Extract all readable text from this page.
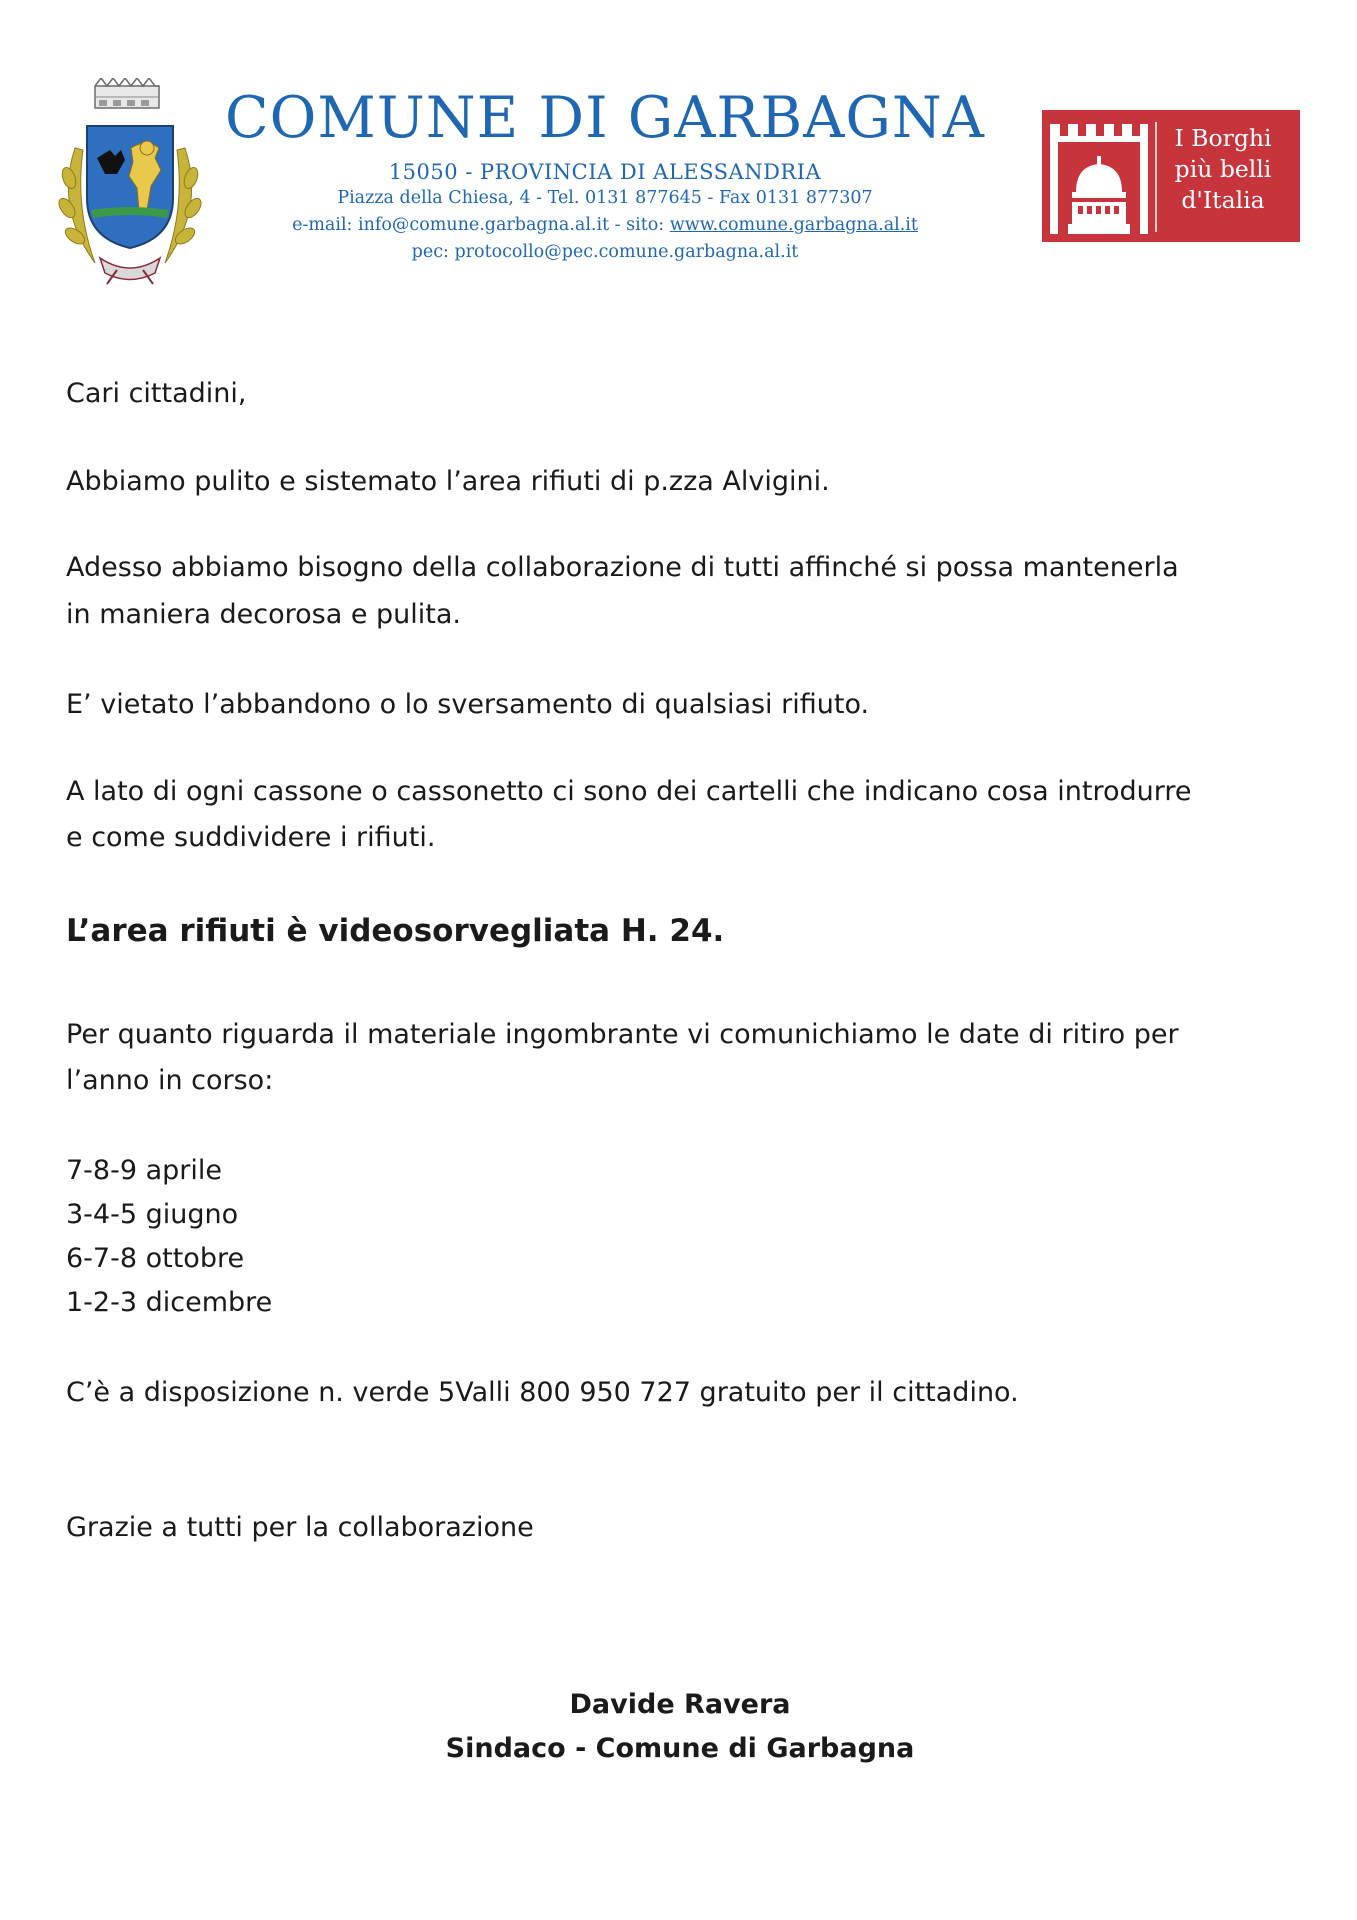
COMUNE DI GARBAGNA
15050 - PROVINCIA DI ALESSANDRIA
Piazza della Chiesa, 4 - Tel. 0131 877645 - Fax 0131 877307
e-mail: info@comune.garbagna.al.it - sito: www.comune.garbagna.al.it
pec: protocollo@pec.comune.garbagna.al.it
I Borghi
più belli
d'Italia
Cari cittadini,
Abbiamo pulito e sistemato l’area rifiuti di p.zza Alvigini.
Adesso abbiamo bisogno della collaborazione di tutti affinché si possa mantenerla
in maniera decorosa e pulita.
E’ vietato l’abbandono o lo sversamento di qualsiasi rifiuto.
A lato di ogni cassone o cassonetto ci sono dei cartelli che indicano cosa introdurre
e come suddividere i rifiuti.
L’area rifiuti è videosorvegliata H. 24.
Per quanto riguarda il materiale ingombrante vi comunichiamo le date di ritiro per
l’anno in corso:
7-8-9 aprile
3-4-5 giugno
6-7-8 ottobre
1-2-3 dicembre
C’è a disposizione n. verde 5Valli 800 950 727 gratuito per il cittadino.
Grazie a tutti per la collaborazione
Davide Ravera
Sindaco - Comune di Garbagna
